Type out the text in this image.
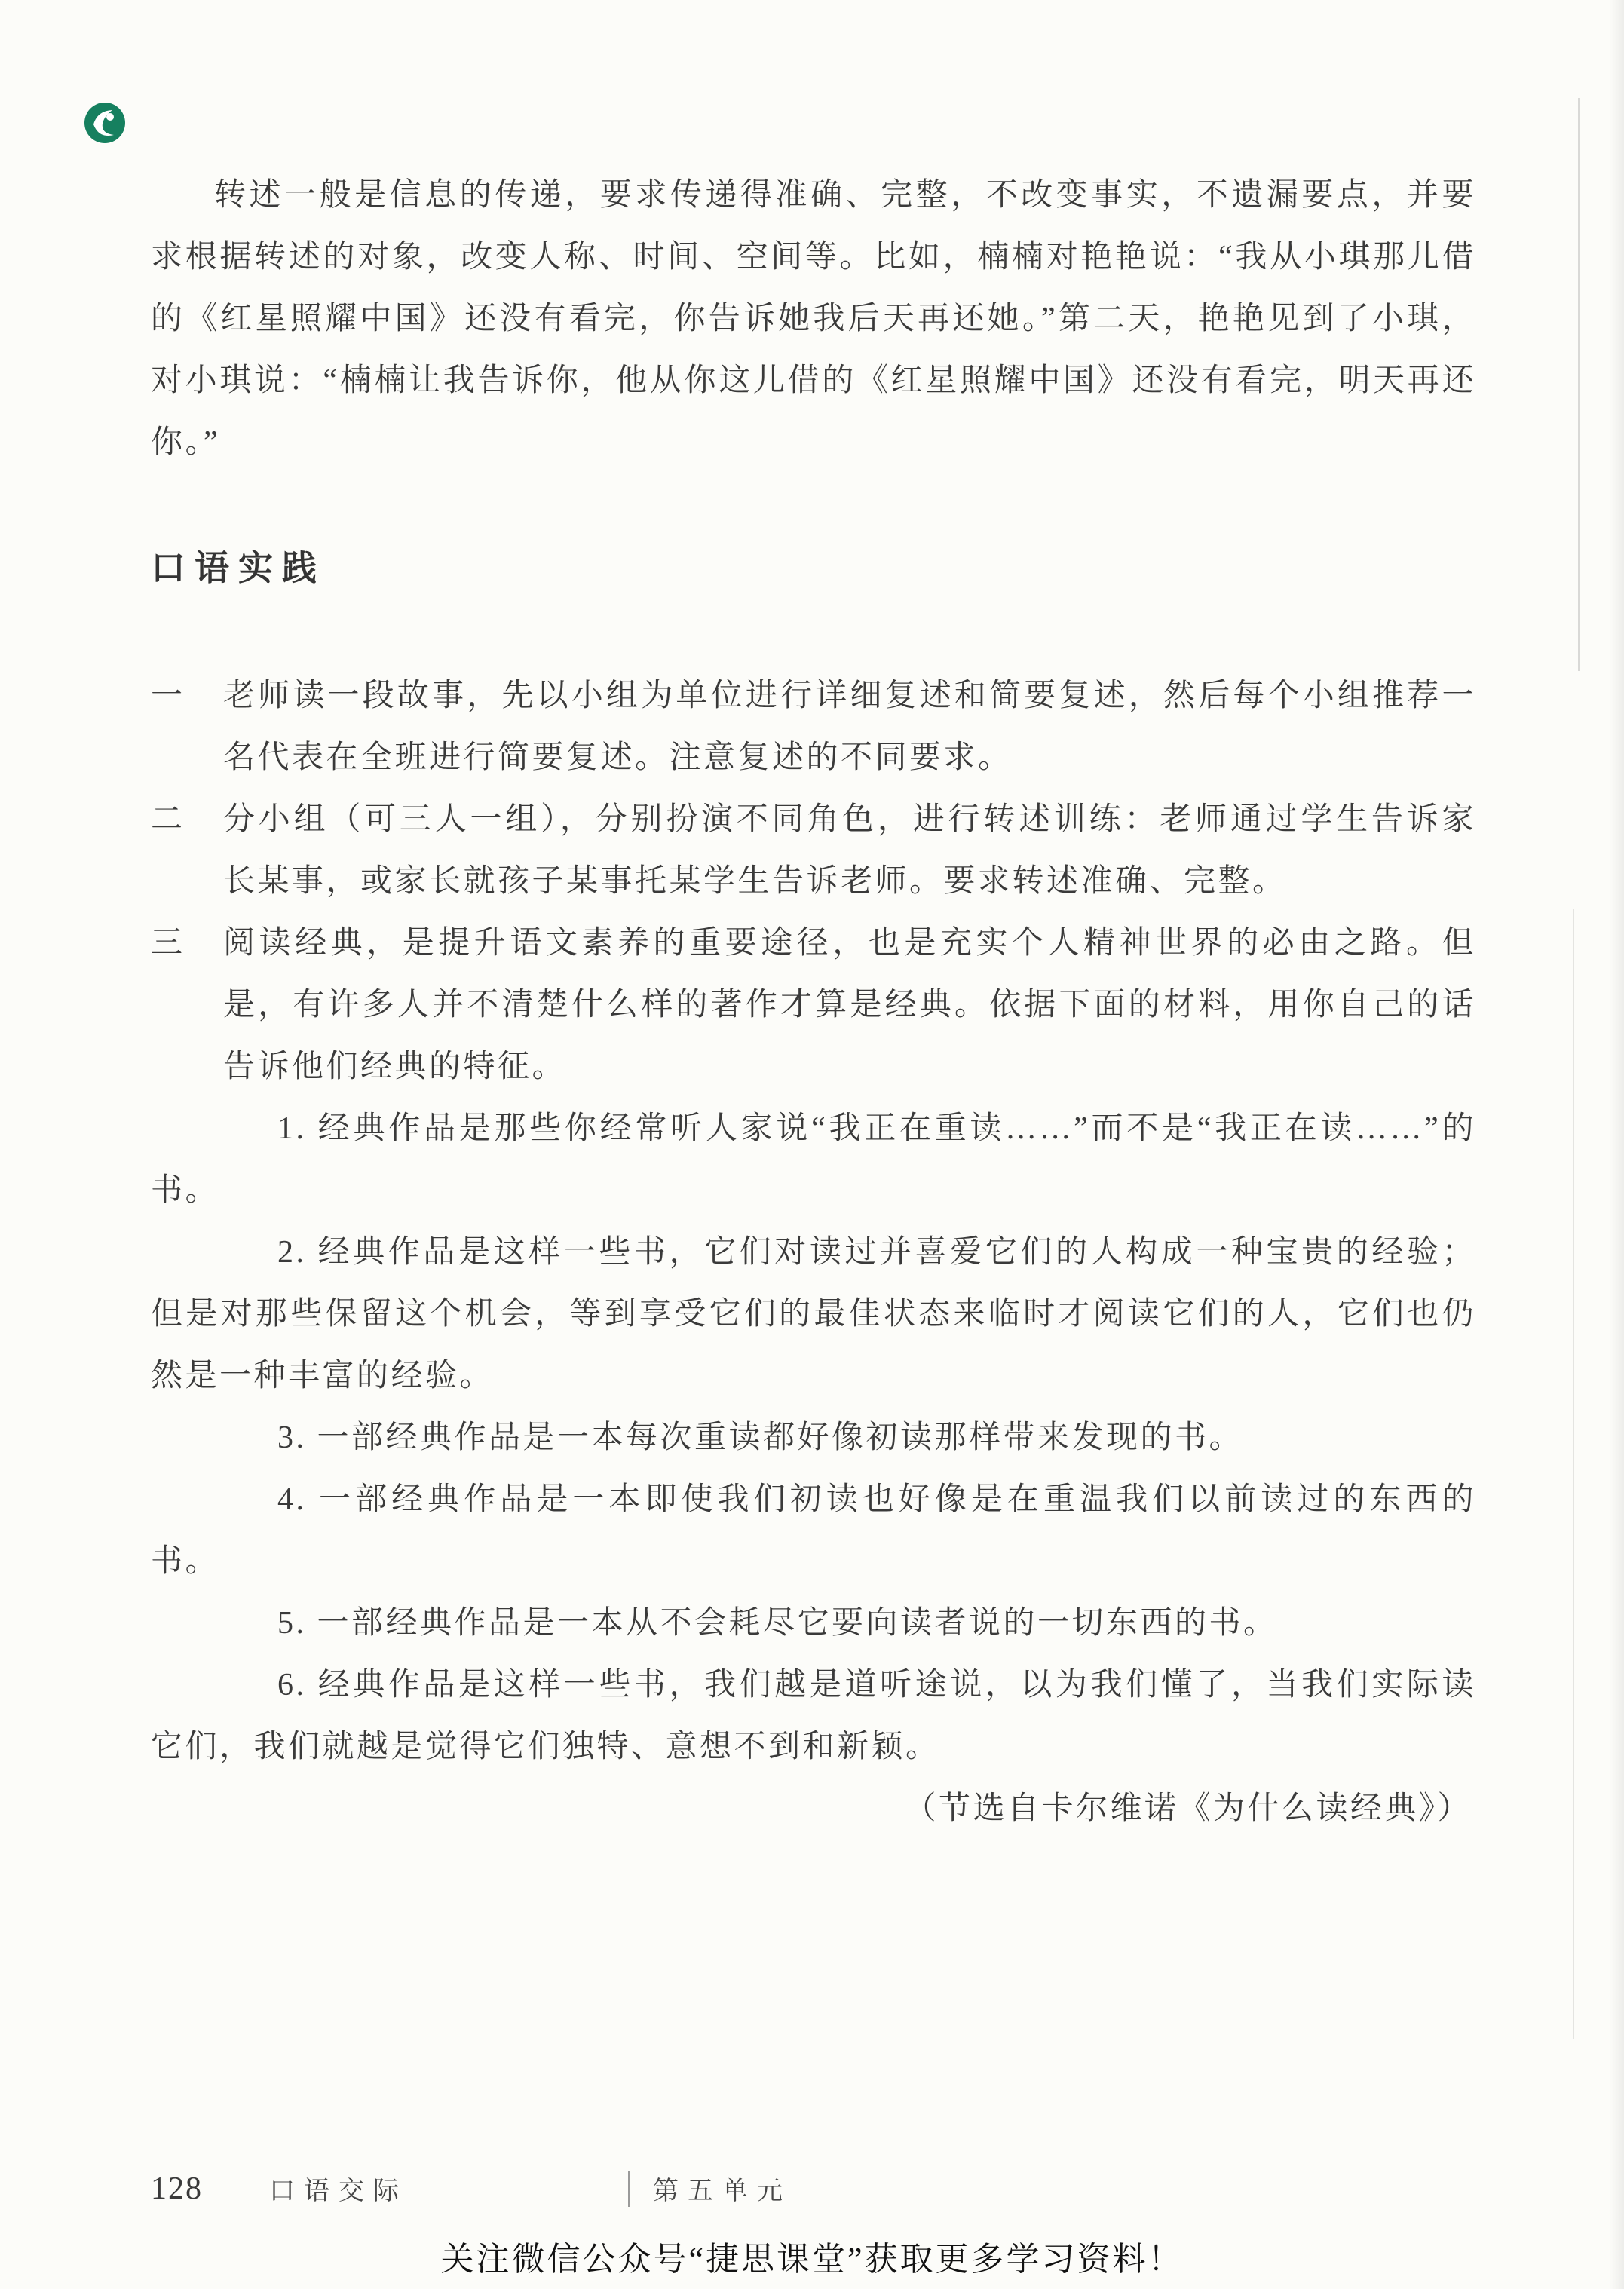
转述一般是信息的传递，要求传递得准确、完整，不改变事实，不遗漏要点，并要求根据转述的对象，改变人称、时间、空间等。比如，楠楠对艳艳说：“我从小琪那儿借的《红星照耀中国》还没有看完，你告诉她我后天再还她。”第二天，艳艳见到了小琪，对小琪说：“楠楠让我告诉你，他从你这儿借的《红星照耀中国》还没有看完，明天再还你。”

口语实践
一 老师读一段故事，先以小组为单位进行详细复述和简要复述，然后每个小组推荐一名代表在全班进行简要复述。注意复述的不同要求。

二 分小组（可三人一组），分别扮演不同角色，进行转述训练：老师通过学生告诉家长某事，或家长就孩子某事托某学生告诉老师。要求转述准确、完整。

三 阅读经典，是提升语文素养的重要途径，也是充实个人精神世界的必由之路。但是，有许多人并不清楚什么样的著作才算是经典。依据下面的材料，用你自己的话告诉他们经典的特征。

1. 经典作品是那些你经常听人家说“我正在重读……”而不是“我正在读……”的书。

2. 经典作品是这样一些书，它们对读过并喜爱它们的人构成一种宝贵的经验；但是对那些保留这个机会，等到享受它们的最佳状态来临时才阅读它们的人，它们也仍然是一种丰富的经验。

3. 一部经典作品是一本每次重读都好像初读那样带来发现的书。

4. 一部经典作品是一本即使我们初读也好像是在重温我们以前读过的东西的书。

5. 一部经典作品是一本从不会耗尽它要向读者说的一切东西的书。

6. 经典作品是这样一些书，我们越是道听途说，以为我们懂了，当我们实际读它们，我们就越是觉得它们独特、意想不到和新颖。

（节选自卡尔维诺《为什么读经典》）

128	口语交际	第五单元
关注微信公众号“捷思课堂”获取更多学习资料！
